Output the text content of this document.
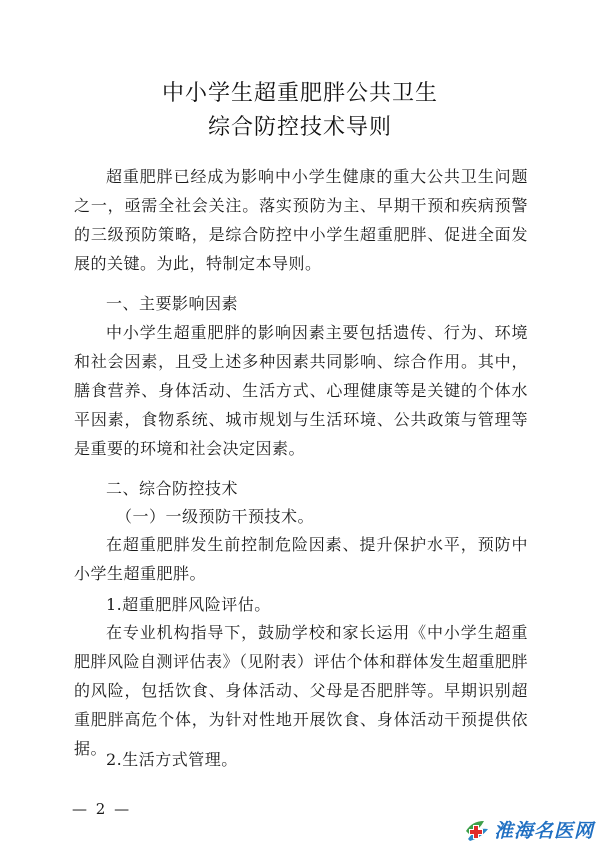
中小学生超重肥胖公共卫生
综合防控技术导则
超重肥胖已经成为影响中小学生健康的重大公共卫生问题之一，亟需全社会关注。落实预防为主、早期干预和疾病预警的三级预防策略，是综合防控中小学生超重肥胖、促进全面发展的关键。为此，特制定本导则。
一、主要影响因素
中小学生超重肥胖的影响因素主要包括遗传、行为、环境和社会因素，且受上述多种因素共同影响、综合作用。其中，膳食营养、身体活动、生活方式、心理健康等是关键的个体水平因素，食物系统、城市规划与生活环境、公共政策与管理等是重要的环境和社会决定因素。
二、综合防控技术
（一）一级预防干预技术。
在超重肥胖发生前控制危险因素、提升保护水平，预防中小学生超重肥胖。
1.超重肥胖风险评估。
在专业机构指导下，鼓励学校和家长运用《中小学生超重肥胖风险自测评估表》（见附表）评估个体和群体发生超重肥胖的风险，包括饮食、身体活动、父母是否肥胖等。早期识别超重肥胖高危个体，为针对性地开展饮食、身体活动干预提供依据。
2.生活方式管理。
— 2 —
淮海名医网
